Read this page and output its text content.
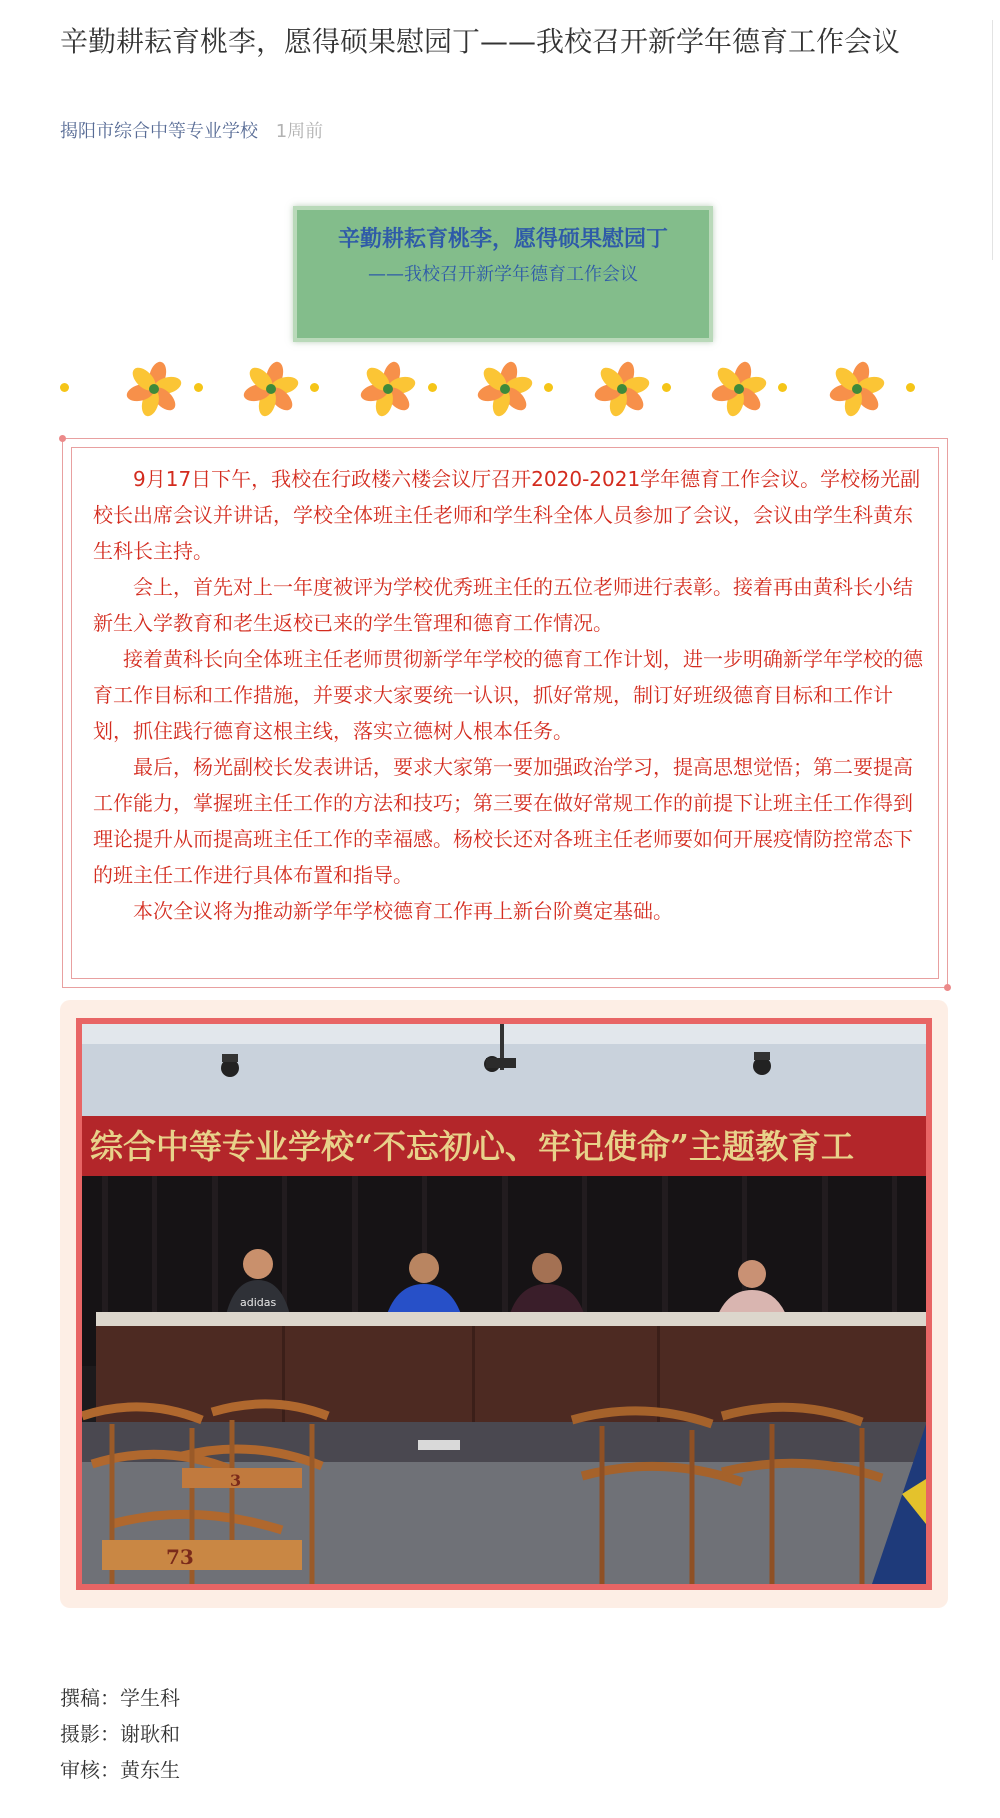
辛勤耕耘育桃李，愿得硕果慰园丁——我校召开新学年德育工作会议
揭阳市综合中等专业学校 1周前
辛勤耕耘育桃李，愿得硕果慰园丁
——我校召开新学年德育工作会议

9月17日下午，我校在行政楼六楼会议厅召开2020-2021学年德育工作会议。学校杨光副校长出席会议并讲话，学校全体班主任老师和学生科全体人员参加了会议，会议由学生科黄东生科长主持。

会上，首先对上一年度被评为学校优秀班主任的五位老师进行表彰。接着再由黄科长小结新生入学教育和老生返校已来的学生管理和德育工作情况。

接着黄科长向全体班主任老师贯彻新学年学校的德育工作计划，进一步明确新学年学校的德育工作目标和工作措施，并要求大家要统一认识，抓好常规，制订好班级德育目标和工作计划，抓住践行德育这根主线，落实立德树人根本任务。

最后，杨光副校长发表讲话，要求大家第一要加强政治学习，提高思想觉悟；第二要提高工作能力，掌握班主任工作的方法和技巧；第三要在做好常规工作的前提下让班主任工作得到理论提升从而提高班主任工作的幸福感。杨校长还对各班主任老师要如何开展疫情防控常态下的班主任工作进行具体布置和指导。

本次全议将为推动新学年学校德育工作再上新台阶奠定基础。

综合中等专业学校“不忘初心、牢记使命”主题教育工
adidas
3
73
撰稿：学生科
摄影：谢耿和
审核：黄东生
